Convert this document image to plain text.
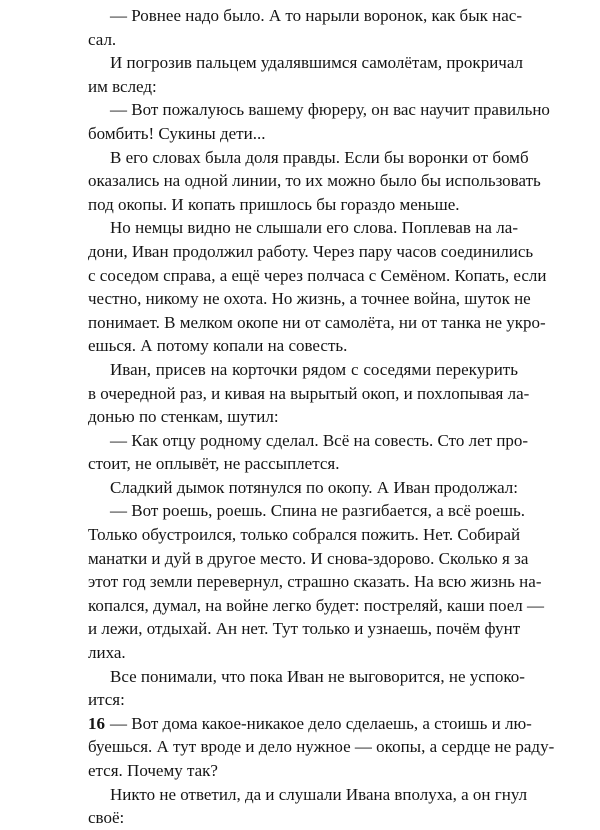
— Ровнее надо было. А то нарыли воронок, как бык нас-
сал.
И погрозив пальцем удалявшимся самолётам, прокричал
им вслед:
— Вот пожалуюсь вашему фюреру, он вас научит правильно
бомбить! Сукины дети...
В его словах была доля правды. Если бы воронки от бомб
оказались на одной линии, то их можно было бы использовать
под окопы. И копать пришлось бы гораздо меньше.
Но немцы видно не слышали его слова. Поплевав на ла-
дони, Иван продолжил работу. Через пару часов соединились
с соседом справа, а ещё через полчаса с Семёном. Копать, если
честно, никому не охота. Но жизнь, а точнее война, шуток не
понимает. В мелком окопе ни от самолёта, ни от танка не укро-
ешься. А потому копали на совесть.
Иван, присев на корточки рядом с соседями перекурить
в очередной раз, и кивая на вырытый окоп, и похлопывая ла-
донью по стенкам, шутил:
— Как отцу родному сделал. Всё на совесть. Сто лет про-
стоит, не оплывёт, не рассыплется.
Сладкий дымок потянулся по окопу. А Иван продолжал:
— Вот роешь, роешь. Спина не разгибается, а всё роешь.
Только обустроился, только собрался пожить. Нет. Собирай
манатки и дуй в другое место. И снова-здорово. Сколько я за
этот год земли перевернул, страшно сказать. На всю жизнь на-
копался, думал, на войне легко будет: постреляй, каши поел —
и лежи, отдыхай. Ан нет. Тут только и узнаешь, почём фунт
лиха.
Все понимали, что пока Иван не выговорится, не успоко-
ится:
— Вот дома какое-никакое дело сделаешь, а стоишь и лю-
буешься. А тут вроде и дело нужное — окопы, а сердце не раду-
ется. Почему так?
Никто не ответил, да и слушали Ивана вполуха, а он гнул
своё:
16
